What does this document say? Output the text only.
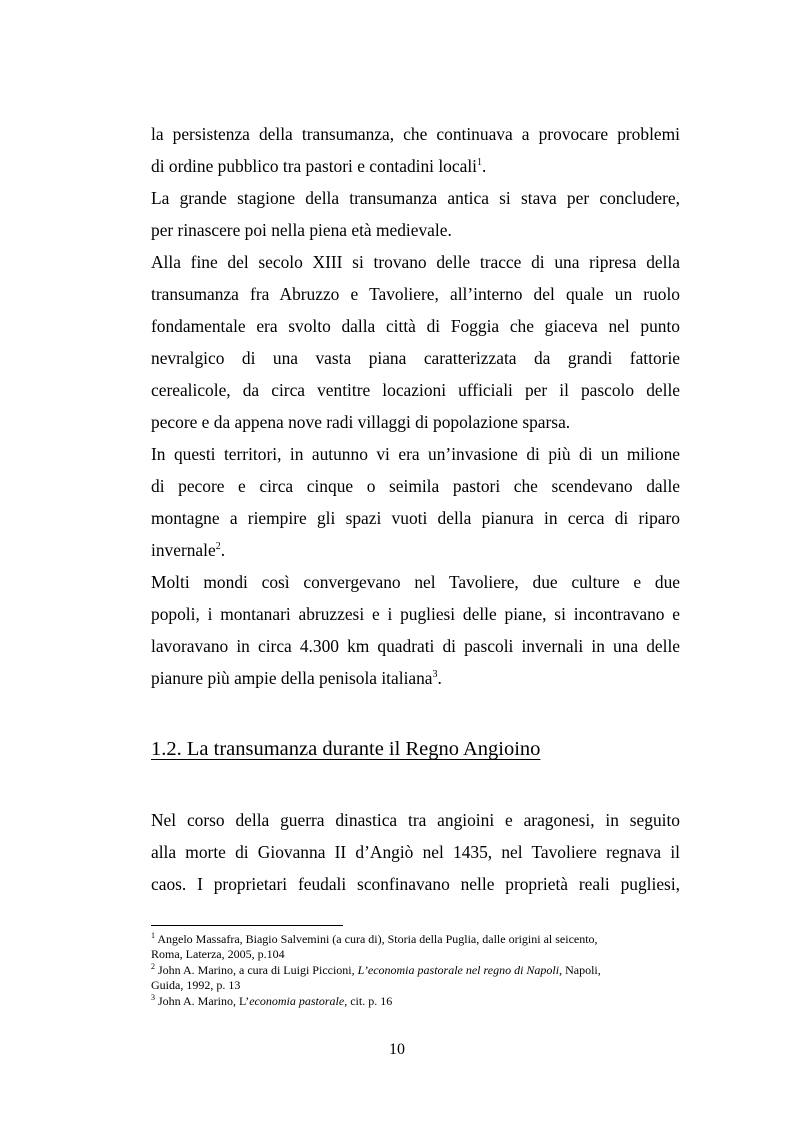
la persistenza della transumanza, che continuava a provocare problemi
di ordine pubblico tra pastori e contadini locali$^1$.
La grande stagione della transumanza antica si stava per concludere,
per rinascere poi nella piena età medievale.
Alla fine del secolo XIII si trovano delle tracce di una ripresa della
transumanza fra Abruzzo e Tavoliere, all’interno del quale un ruolo
fondamentale era svolto dalla città di Foggia che giaceva nel punto
nevralgico di una vasta piana caratterizzata da grandi fattorie
cerealicole, da circa ventitre locazioni ufficiali per il pascolo delle
pecore e da appena nove radi villaggi di popolazione sparsa.
In questi territori, in autunno vi era un’invasione di più di un milione
di pecore e circa cinque o seimila pastori che scendevano dalle
montagne a riempire gli spazi vuoti della pianura in cerca di riparo
invernale$^2$.
Molti mondi così convergevano nel Tavoliere, due culture e due
popoli, i montanari abruzzesi e i pugliesi delle piane, si incontravano e
lavoravano in circa 4.300 km quadrati di pascoli invernali in una delle
pianure più ampie della penisola italiana$^3$.
1.2. La transumanza durante il Regno Angioino
Nel corso della guerra dinastica tra angioini e aragonesi, in seguito
alla morte di Giovanna II d’Angiò nel 1435, nel Tavoliere regnava il
caos. I proprietari feudali sconfinavano nelle proprietà reali pugliesi,
$^1$ Angelo Massafra, Biagio Salvemini (a cura di), Storia della Puglia, dalle origini al seicento,
Roma, Laterza, 2005, p.104
$^2$ John A. Marino, a cura di Luigi Piccioni, L’economia pastorale nel regno di Napoli, Napoli,
Guida, 1992, p. 13
$^3$ John A. Marino, L’economia pastorale, cit. p. 16
10
